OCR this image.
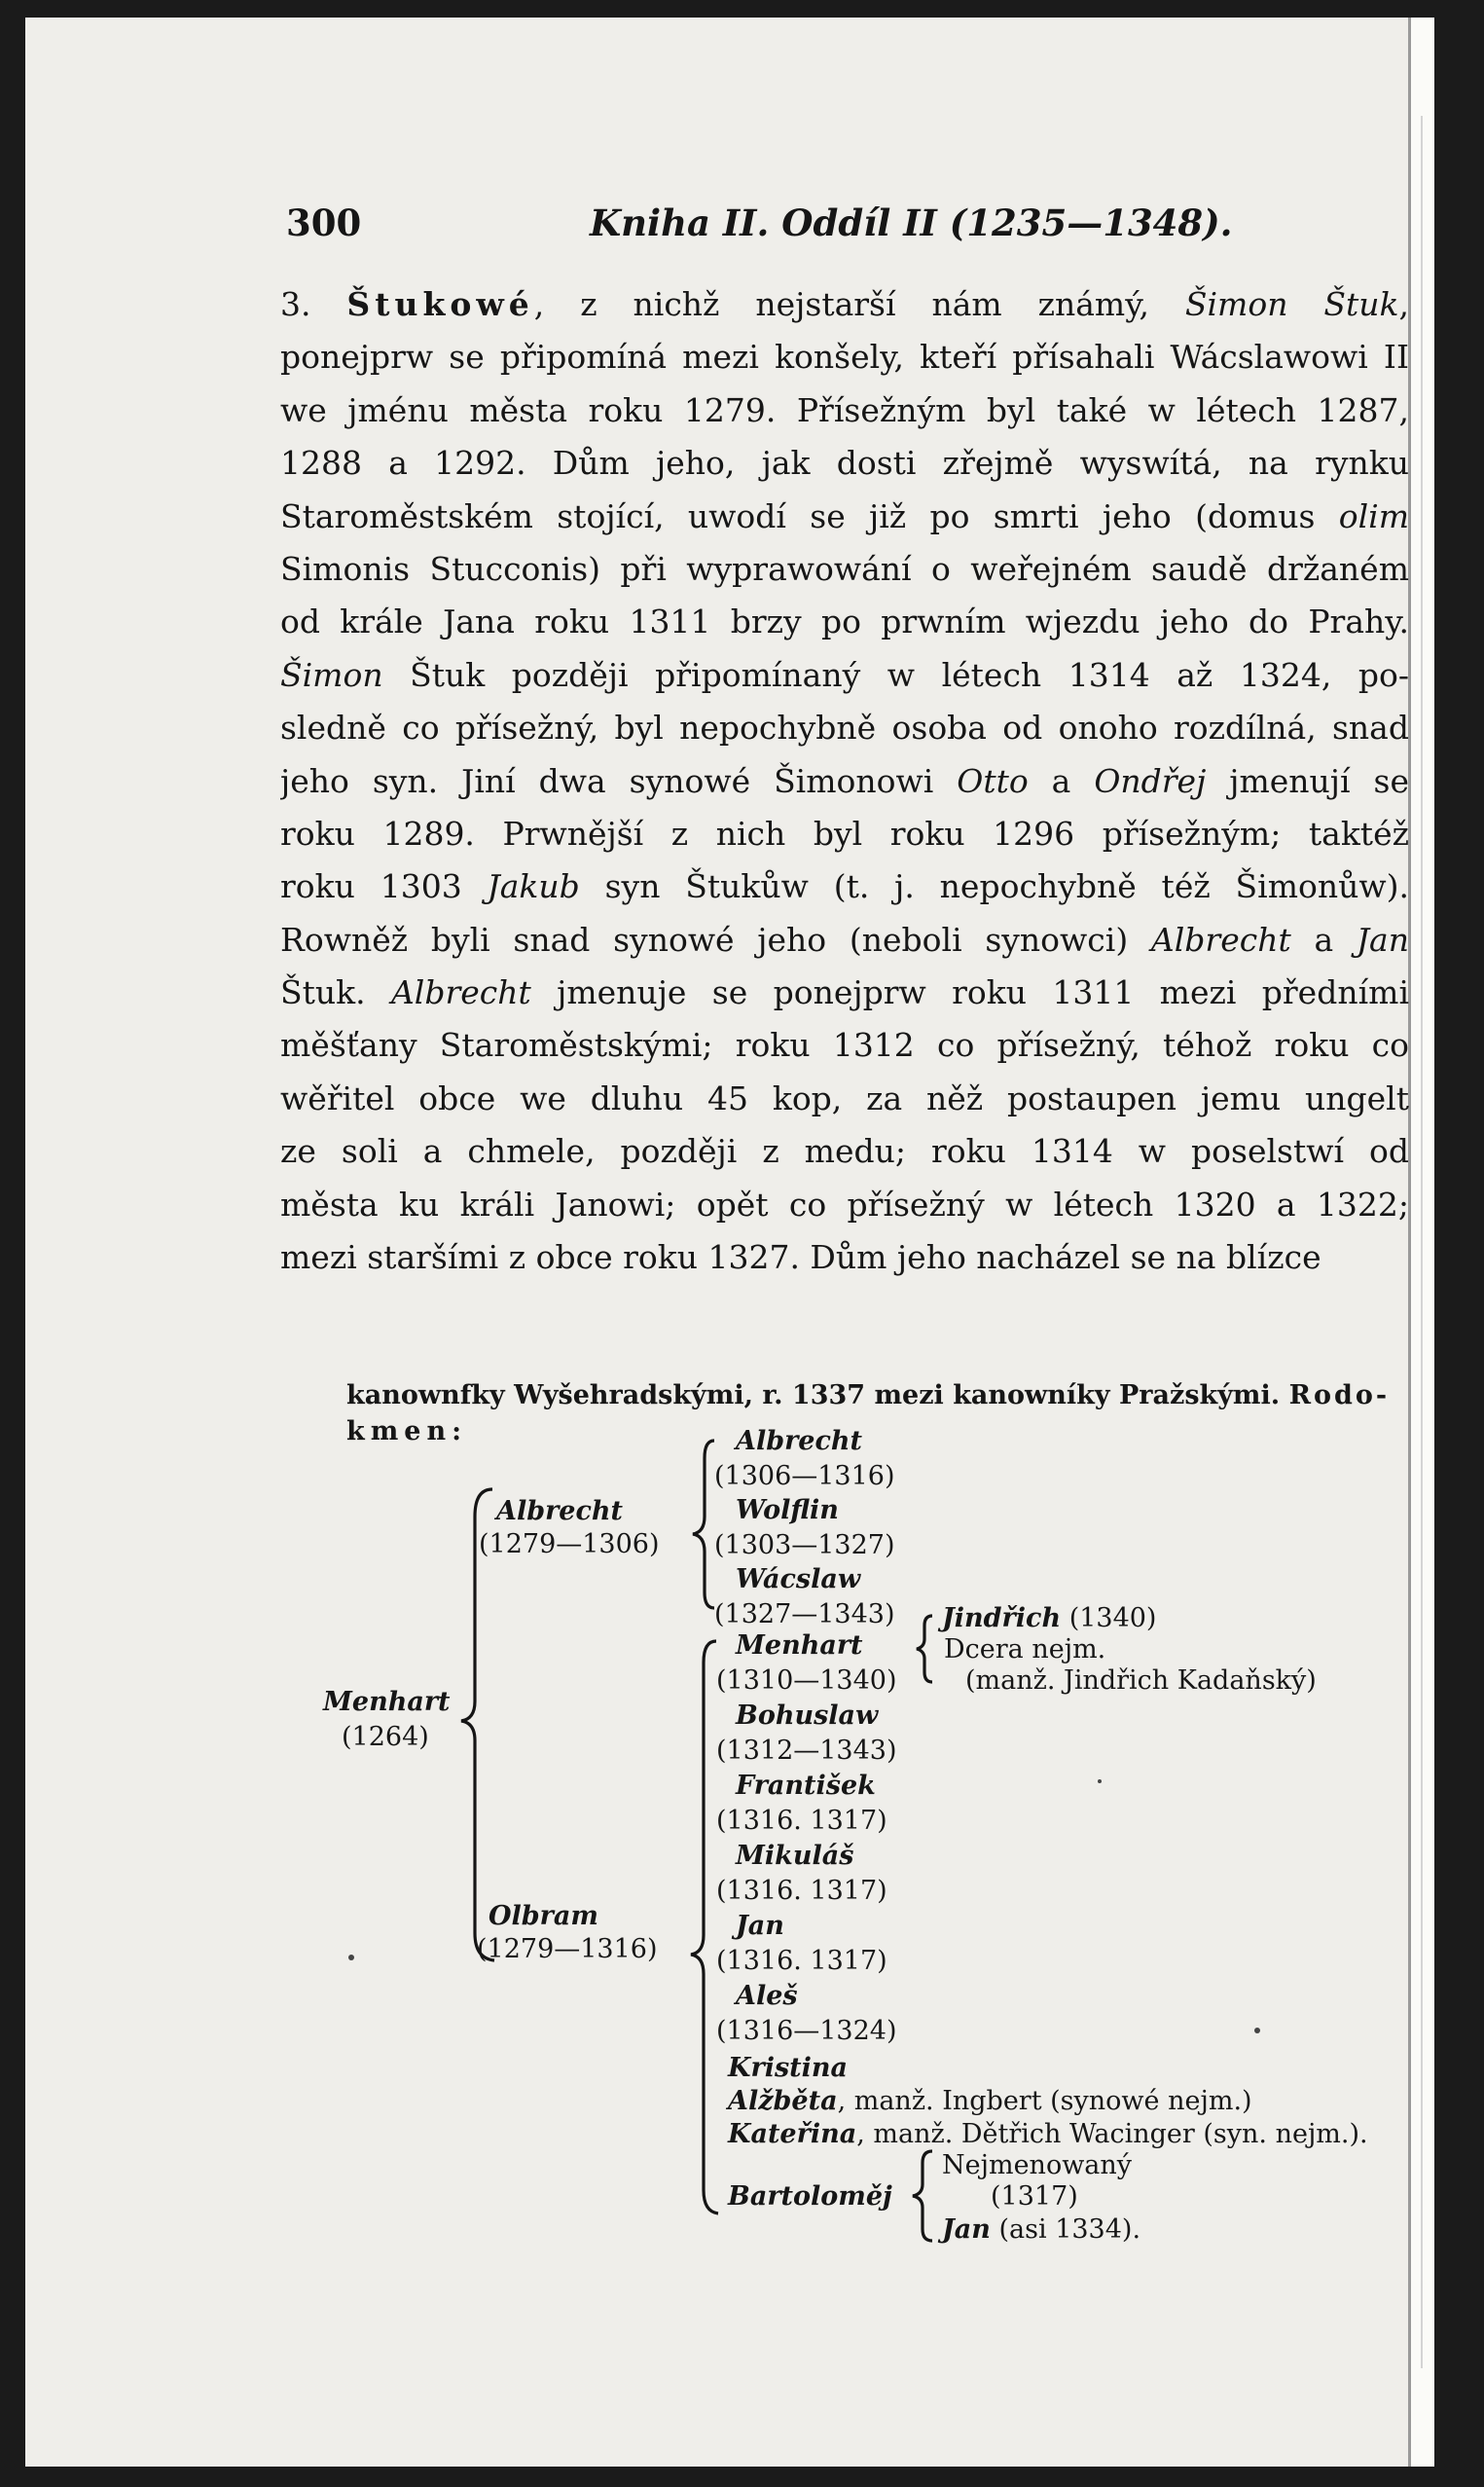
300	Kniha II. Oddíl II (1235—1348).

3. Štukowé, z nichž nejstarší nám známý, Šimon Štuk,
ponejprw se připomíná mezi konšely, kteří přísahali Wácslawowi II
we jménu města roku 1279. Přísežným byl také w létech 1287,
1288 a 1292. Dům jeho, jak dosti zřejmě wyswítá, na rynku
Staroměstském stojící, uwodí se již po smrti jeho (domus olim
Simonis Stucconis) při wyprawowání o weřejném saudě držaném
od krále Jana roku 1311 brzy po prwním wjezdu jeho do Prahy.
Šimon Štuk později připomínaný w létech 1314 až 1324, po-
sledně co přísežný, byl nepochybně osoba od onoho rozdílná, snad
jeho syn. Jiní dwa synowé Šimonowi Otto a Ondřej jmenují se
roku 1289. Prwnější z nich byl roku 1296 přísežným; taktéž
roku 1303 Jakub syn Štukůw (t. j. nepochybně též Šimonůw).
Rowněž byli snad synowé jeho (neboli synowci) Albrecht a Jan
Štuk. Albrecht jmenuje se ponejprw roku 1311 mezi předními
měšťany Staroměstskými; roku 1312 co přísežný, téhož roku co
wěřitel obce we dluhu 45 kop, za něž postaupen jemu ungelt
ze soli a chmele, později z medu; roku 1314 w poselstwí od
města ku králi Janowi; opět co přísežný w létech 1320 a 1322;
mezi staršími z obce roku 1327. Dům jeho nacházel se na blízce

kanownfky Wyšehradskými, r. 1337 mezi kanowníky Pražskými. Rodo-
kmen:
Menhart
(1264)
Albrecht
(1279—1306)
Olbram
(1279—1316)
Albrecht
(1306—1316)
Wolflin
(1303—1327)
Wácslaw
(1327—1343)
Menhart
(1310—1340)
Bohuslaw
(1312—1343)
František
(1316. 1317)
Mikuláš
(1316. 1317)
Jan
(1316. 1317)
Aleš
(1316—1324)
Jindřich (1340)
Dcera nejm.
(manž. Jindřich Kadaňský)
Kristina
Alžběta, manž. Ingbert (synowé nejm.)
Kateřina, manž. Dětřich Wacinger (syn. nejm.).
Bartoloměj
Nejmenowaný
(1317)
Jan (asi 1334).
